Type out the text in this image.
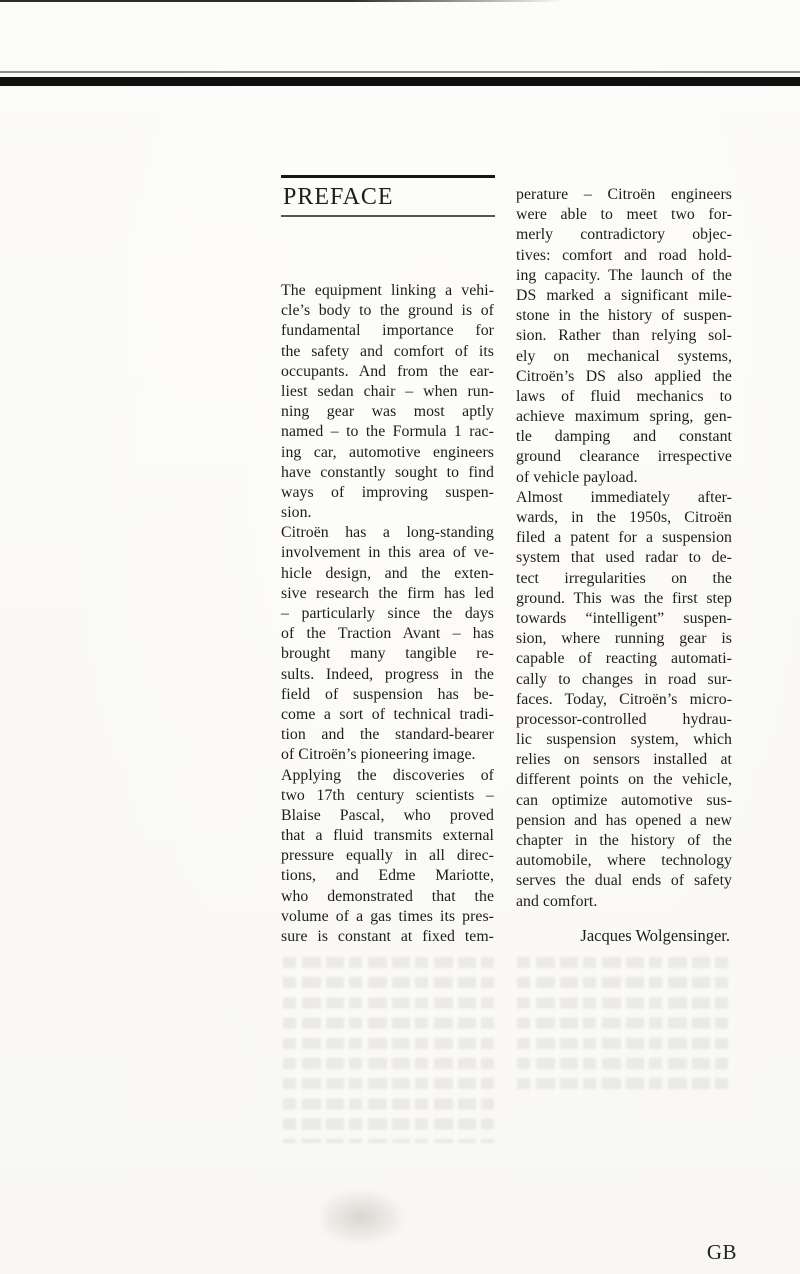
PREFACE
The equipment linking a vehi-
cle’s body to the ground is of
fundamental importance for
the safety and comfort of its
occupants. And from the ear-
liest sedan chair – when run-
ning gear was most aptly
named – to the Formula 1 rac-
ing car, automotive engineers
have constantly sought to find
ways of improving suspen-
sion.
Citroën has a long-standing
involvement in this area of ve-
hicle design, and the exten-
sive research the firm has led
– particularly since the days
of the Traction Avant – has
brought many tangible re-
sults. Indeed, progress in the
field of suspension has be-
come a sort of technical tradi-
tion and the standard-bearer
of Citroën’s pioneering image.
Applying the discoveries of
two 17th century scientists –
Blaise Pascal, who proved
that a fluid transmits external
pressure equally in all direc-
tions, and Edme Mariotte,
who demonstrated that the
volume of a gas times its pres-
sure is constant at fixed tem-
perature – Citroën engineers
were able to meet two for-
merly contradictory objec-
tives: comfort and road hold-
ing capacity. The launch of the
DS marked a significant mile-
stone in the history of suspen-
sion. Rather than relying sol-
ely on mechanical systems,
Citroën’s DS also applied the
laws of fluid mechanics to
achieve maximum spring, gen-
tle damping and constant
ground clearance irrespective
of vehicle payload.
Almost immediately after-
wards, in the 1950s, Citroën
filed a patent for a suspension
system that used radar to de-
tect irregularities on the
ground. This was the first step
towards “intelligent” suspen-
sion, where running gear is
capable of reacting automati-
cally to changes in road sur-
faces. Today, Citroën’s micro-
processor-controlled hydrau-
lic suspension system, which
relies on sensors installed at
different points on the vehicle,
can optimize automotive sus-
pension and has opened a new
chapter in the history of the
automobile, where technology
serves the dual ends of safety
and comfort.
Jacques Wolgensinger.
GB
